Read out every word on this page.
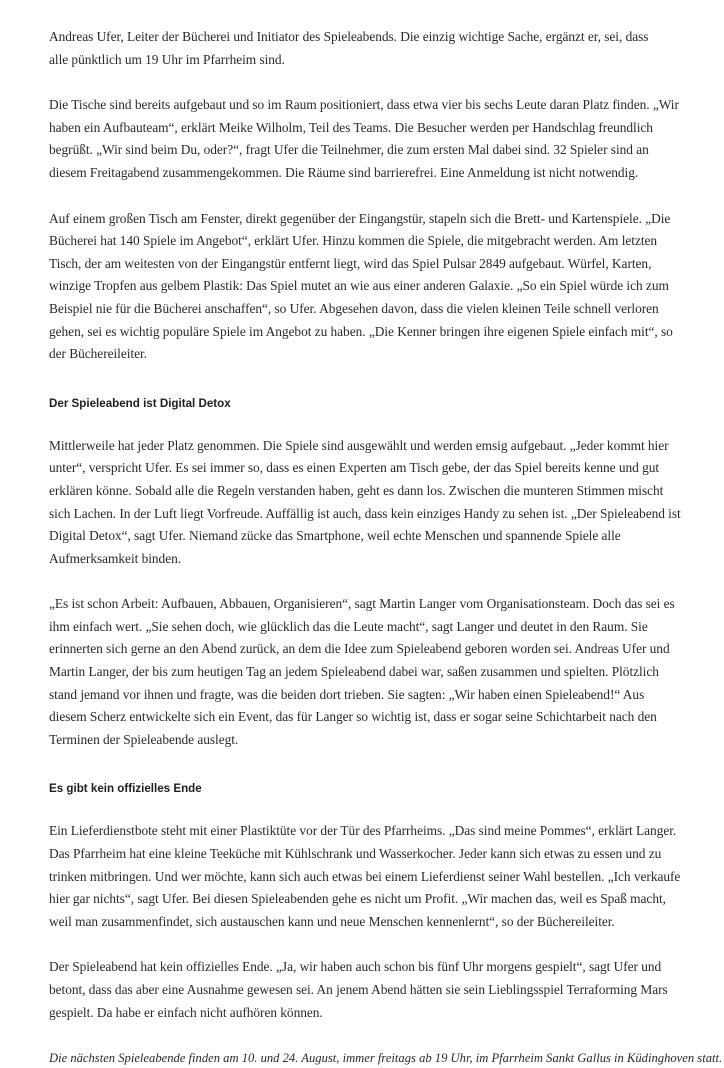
Andreas Ufer, Leiter der Bücherei und Initiator des Spieleabends. Die einzig wichtige Sache, ergänzt er, sei, dass alle pünktlich um 19 Uhr im Pfarrheim sind.

Die Tische sind bereits aufgebaut und so im Raum positioniert, dass etwa vier bis sechs Leute daran Platz finden. „Wir haben ein Aufbauteam“, erklärt Meike Wilholm, Teil des Teams. Die Besucher werden per Handschlag freundlich begrüßt. „Wir sind beim Du, oder?“, fragt Ufer die Teilnehmer, die zum ersten Mal dabei sind. 32 Spieler sind an diesem Freitagabend zusammengekommen. Die Räume sind barrierefrei. Eine Anmeldung ist nicht notwendig.

Auf einem großen Tisch am Fenster, direkt gegenüber der Eingangstür, stapeln sich die Brett- und Kartenspiele. „Die Bücherei hat 140 Spiele im Angebot“, erklärt Ufer. Hinzu kommen die Spiele, die mitgebracht werden. Am letzten Tisch, der am weitesten von der Eingangstür entfernt liegt, wird das Spiel Pulsar 2849 aufgebaut. Würfel, Karten, winzige Tropfen aus gelbem Plastik: Das Spiel mutet an wie aus einer anderen Galaxie. „So ein Spiel würde ich zum Beispiel nie für die Bücherei anschaffen“, so Ufer. Abgesehen davon, dass die vielen kleinen Teile schnell verloren gehen, sei es wichtig populäre Spiele im Angebot zu haben. „Die Kenner bringen ihre eigenen Spiele einfach mit“, so der Büchereileiter.

Der Spieleabend ist Digital Detox

Mittlerweile hat jeder Platz genommen. Die Spiele sind ausgewählt und werden emsig aufgebaut. „Jeder kommt hier unter“, verspricht Ufer. Es sei immer so, dass es einen Experten am Tisch gebe, der das Spiel bereits kenne und gut erklären könne. Sobald alle die Regeln verstanden haben, geht es dann los. Zwischen die munteren Stimmen mischt sich Lachen. In der Luft liegt Vorfreude. Auffällig ist auch, dass kein einziges Handy zu sehen ist. „Der Spieleabend ist Digital Detox“, sagt Ufer. Niemand zücke das Smartphone, weil echte Menschen und spannende Spiele alle Aufmerksamkeit binden.

„Es ist schon Arbeit: Aufbauen, Abbauen, Organisieren“, sagt Martin Langer vom Organisationsteam. Doch das sei es ihm einfach wert. „Sie sehen doch, wie glücklich das die Leute macht“, sagt Langer und deutet in den Raum. Sie erinnerten sich gerne an den Abend zurück, an dem die Idee zum Spieleabend geboren worden sei. Andreas Ufer und Martin Langer, der bis zum heutigen Tag an jedem Spieleabend dabei war, saßen zusammen und spielten. Plötzlich stand jemand vor ihnen und fragte, was die beiden dort trieben. Sie sagten: „Wir haben einen Spieleabend!“ Aus diesem Scherz entwickelte sich ein Event, das für Langer so wichtig ist, dass er sogar seine Schichtarbeit nach den Terminen der Spieleabende auslegt.

Es gibt kein offizielles Ende

Ein Lieferdienstbote steht mit einer Plastiktüte vor der Tür des Pfarrheims. „Das sind meine Pommes“, erklärt Langer. Das Pfarrheim hat eine kleine Teeküche mit Kühlschrank und Wasserkocher. Jeder kann sich etwas zu essen und zu trinken mitbringen. Und wer möchte, kann sich auch etwas bei einem Lieferdienst seiner Wahl bestellen. „Ich verkaufe hier gar nichts“, sagt Ufer. Bei diesen Spieleabenden gehe es nicht um Profit. „Wir machen das, weil es Spaß macht, weil man zusammenfindet, sich austauschen kann und neue Menschen kennenlernt“, so der Büchereileiter.

Der Spieleabend hat kein offizielles Ende. „Ja, wir haben auch schon bis fünf Uhr morgens gespielt“, sagt Ufer und betont, dass das aber eine Ausnahme gewesen sei. An jenem Abend hätten sie sein Lieblingsspiel Terraforming Mars gespielt. Da habe er einfach nicht aufhören können.

Die nächsten Spieleabende finden am 10. und 24. August, immer freitags ab 19 Uhr, im Pfarrheim Sankt Gallus in Küdinghoven statt.
